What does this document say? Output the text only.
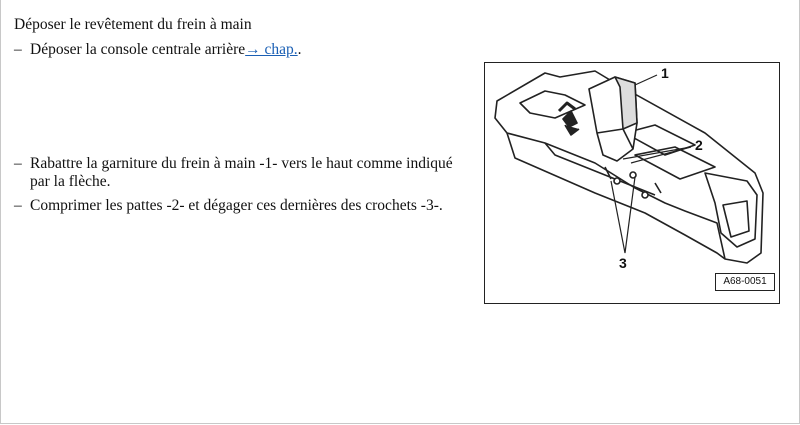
Déposer le revêtement du frein à main
– Déposer la console centrale arrière→ chap..
– Rabattre la garniture du frein à main -1- vers le haut comme indiqué
par la flèche.
– Comprimer les pattes -2- et dégager ces dernières des crochets -3-.
1
2
3
A68-0051
